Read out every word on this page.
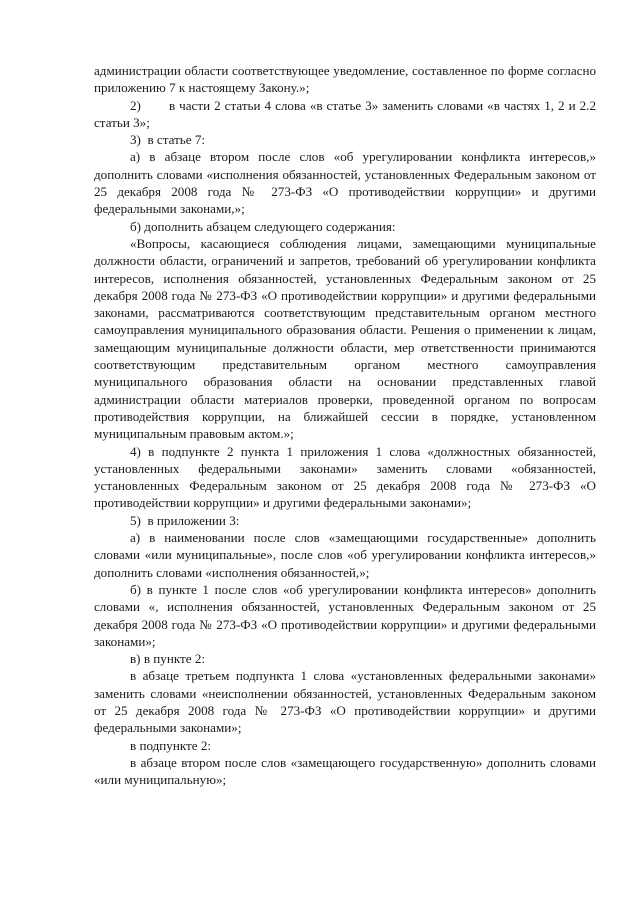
администрации области соответствующее уведомление, составленное по форме согласно приложению 7 к настоящему Закону.»;

2)       в части 2 статьи 4 слова «в статье 3» заменить словами «в частях 1, 2 и 2.2 статьи 3»;

3)  в статье 7:

а) в абзаце втором после слов «об урегулировании конфликта интересов,» дополнить словами «исполнения обязанностей, установленных Федеральным законом от 25 декабря 2008 года № 273-ФЗ «О противодействии коррупции» и другими федеральными законами,»;

б) дополнить абзацем следующего содержания:

«Вопросы, касающиеся соблюдения лицами, замещающими муниципальные должности области, ограничений и запретов, требований об урегулировании конфликта интересов, исполнения обязанностей, установленных Федеральным законом от 25 декабря 2008 года № 273-ФЗ «О противодействии коррупции» и другими федеральными законами, рассматриваются соответствующим представительным органом местного самоуправления муниципального образования области. Решения о применении к лицам, замещающим муниципальные должности области, мер ответственности принимаются соответствующим представительным органом местного самоуправления муниципального образования области на основании представленных главой администрации области материалов проверки, проведенной органом по вопросам противодействия коррупции, на ближайшей сессии в порядке, установленном муниципальным правовым актом.»;

4) в подпункте 2 пункта 1 приложения 1 слова «должностных обязанностей, установленных федеральными законами» заменить словами «обязанностей, установленных Федеральным законом от 25 декабря 2008 года № 273-ФЗ «О противодействии коррупции» и другими федеральными законами»;

5)  в приложении 3:

а) в наименовании после слов «замещающими государственные» дополнить словами «или муниципальные», после слов «об урегулировании конфликта интересов,» дополнить словами «исполнения обязанностей,»;

б) в пункте 1 после слов «об урегулировании конфликта интересов» дополнить словами «, исполнения обязанностей, установленных Федеральным законом от 25 декабря 2008 года № 273-ФЗ «О противодействии коррупции» и другими федеральными законами»;

в) в пункте 2:

в абзаце третьем подпункта 1 слова «установленных федеральными законами» заменить словами «неисполнении обязанностей, установленных Федеральным законом от 25 декабря 2008 года № 273-ФЗ «О противодействии коррупции» и другими федеральными законами»;

в подпункте 2:

в абзаце втором после слов «замещающего государственную» дополнить словами «или муниципальную»;
